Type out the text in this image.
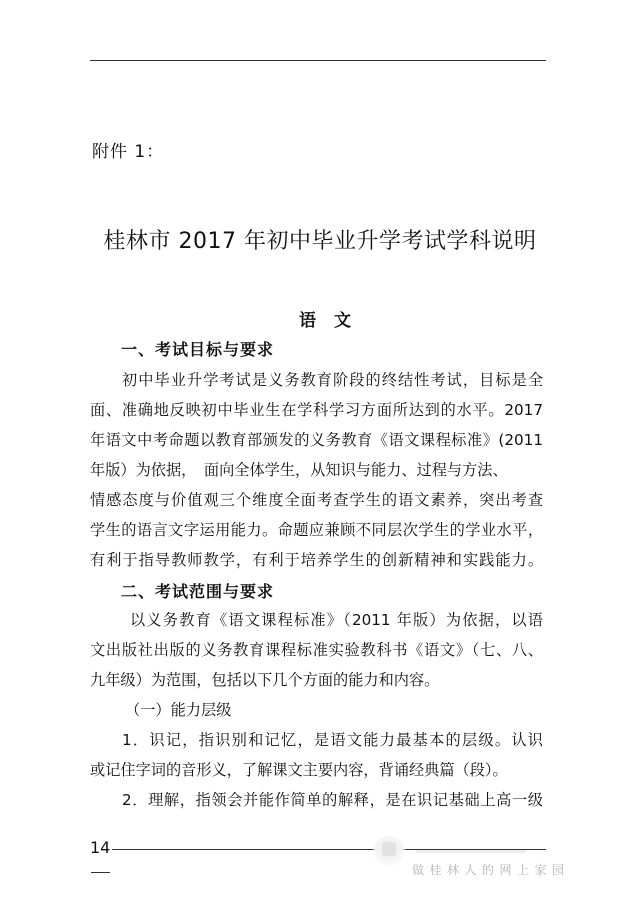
附件 1：
桂林市 2017 年初中毕业升学考试学科说明
语 文
一、考试目标与要求
初中毕业升学考试是义务教育阶段的终结性考试，目标是全
面、准确地反映初中毕业生在学科学习方面所达到的水平。2017
年语文中考命题以教育部颁发的义务教育《语文课程标准》(2011
年版）为依据，　面向全体学生，从知识与能力、过程与方法、
情感态度与价值观三个维度全面考查学生的语文素养，突出考查
学生的语言文字运用能力。命题应兼顾不同层次学生的学业水平，
有利于指导教师教学，有利于培养学生的创新精神和实践能力。
二、考试范围与要求
以义务教育《语文课程标准》（2011 年版）为依据，以语
文出版社出版的义务教育课程标准实验教科书《语文》（七、八、
九年级）为范围，包括以下几个方面的能力和内容。
（一）能力层级
1．识记，指识别和记忆，是语文能力最基本的层级。认识
或记住字词的音形义，了解课文主要内容，背诵经典篇（段）。
2．理解，指领会并能作简单的解释，是在识记基础上高一级
14
做桂林人的网上家园
